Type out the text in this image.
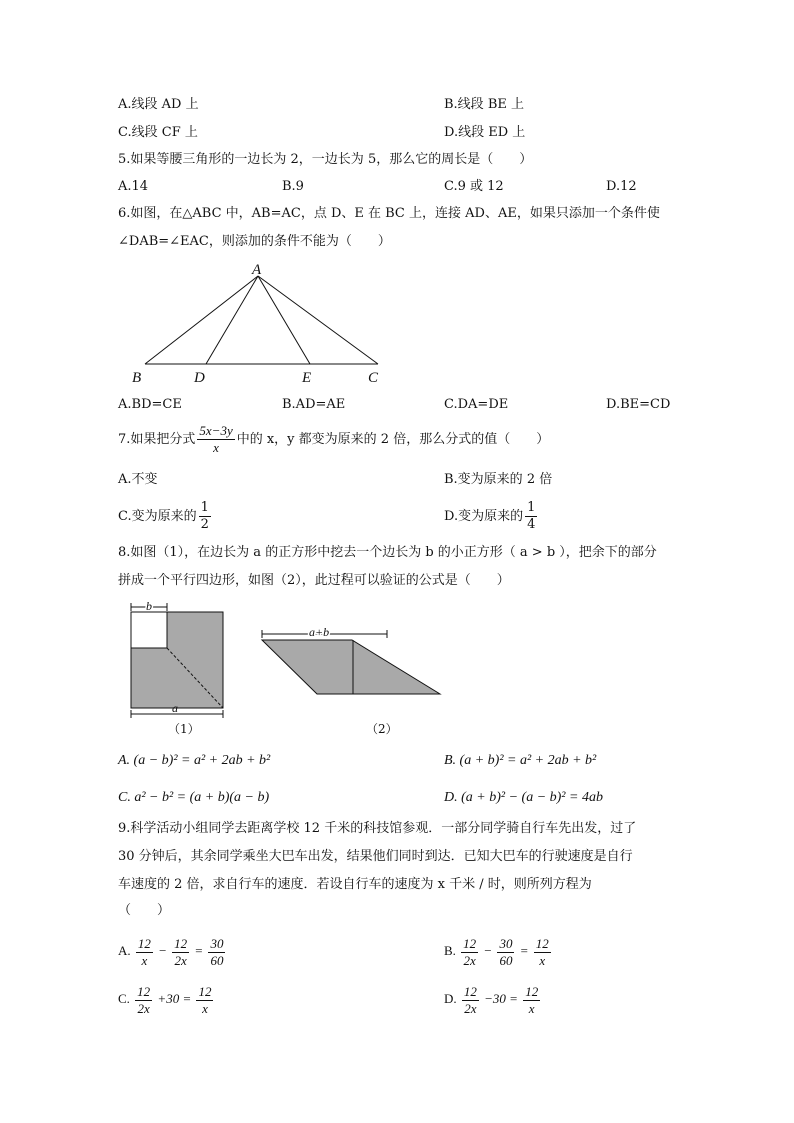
A.线段 AD 上	B.线段 BE 上
C.线段 CF 上	D.线段 ED 上
5.如果等腰三角形的一边长为 2，一边长为 5，那么它的周长是（　　）
A.14	B.9	C.9 或 12	D.12
6.如图，在△ABC 中，AB=AC，点 D、E 在 BC 上，连接 AD、AE，如果只添加一个条件使
∠DAB=∠EAC，则添加的条件不能为（　　）
A
B	D	E	C
A.BD=CE	B.AD=AE	C.DA=DE	D.BE=CD
7.如果把分式 $\frac{5x-3y}{x}$ 中的 x，y 都变为原来的 2 倍，那么分式的值（　　）
A.不变	B.变为原来的 2 倍
C.变为原来的 $\frac{1}{2}$	D.变为原来的 $\frac{1}{4}$
8.如图（1），在边长为 a 的正方形中挖去一个边长为 b 的小正方形（ a > b ），把余下的部分
拼成一个平行四边形，如图（2），此过程可以验证的公式是（　　）
b
a
（1）
a+b
（2）
A. (a − b)² = a² + 2ab + b²	B. (a + b)² = a² + 2ab + b²
C. a² − b² = (a + b)(a − b)	D. (a + b)² − (a − b)² = 4ab
9.科学活动小组同学去距离学校 12 千米的科技馆参观．一部分同学骑自行车先出发，过了
30 分钟后，其余同学乘坐大巴车出发，结果他们同时到达．已知大巴车的行驶速度是自行
车速度的 2 倍，求自行车的速度．若设自行车的速度为 x 千米 / 时，则所列方程为
（　　）
A. $\frac{12}{x} - \frac{12}{2x} = \frac{30}{60}$	B. $\frac{12}{2x} - \frac{30}{60} = \frac{12}{x}$
C. $\frac{12}{2x} +30 = \frac{12}{x}$	D. $\frac{12}{2x} -30 = \frac{12}{x}$
